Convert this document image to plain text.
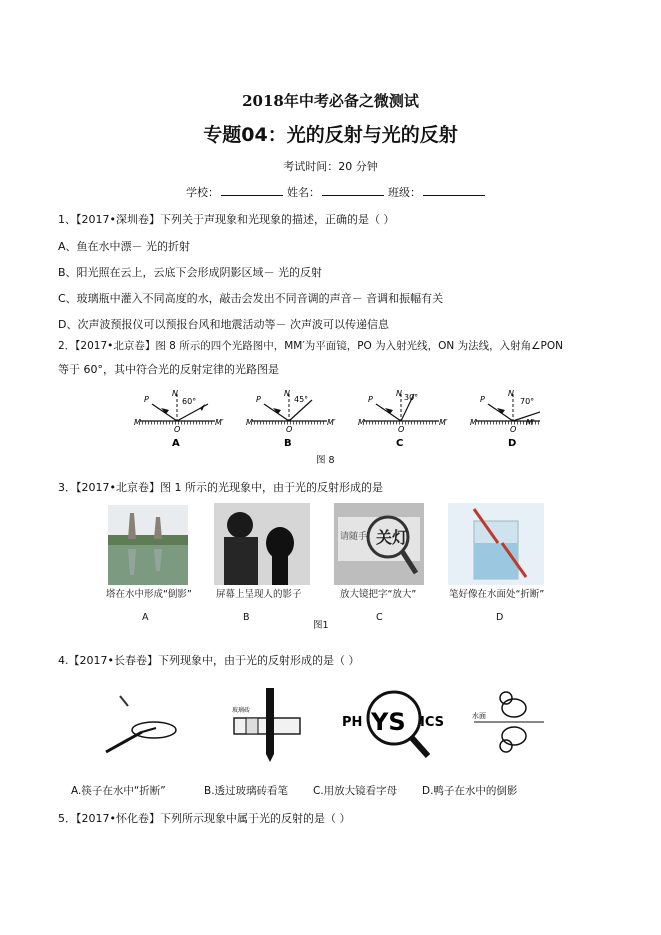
2018年中考必备之微测试
专题04：光的反射与光的反射
考试时间：20 分钟
学校：	姓名：	班级：
1、【2017•深圳卷】下列关于声现象和光现象的描述，正确的是（ ）
A、鱼在水中漂－ 光的折射
B、阳光照在云上，云底下会形成阴影区域－ 光的反射
C、玻璃瓶中灌入不同高度的水，敲击会发出不同音调的声音－ 音调和振幅有关
D、次声波预报仪可以预报台风和地震活动等－ 次声波可以传递信息
2．【2017•北京卷】图 8 所示的四个光路图中，MM′为平面镜，PO 为入射光线，ON 为法线，入射角∠PON
等于 60°，其中符合光的反射定律的光路图是
60°	45°	30°	70°
P
N
M	M′
O
P
N
M	M′
O
P
N
M	M′
O
P
N
M	M′
O
A	B	C	D
图 8
3．【2017•北京卷】图 1 所示的光现象中，由于光的反射形成的是
请随手 关灯
塔在水中形成“倒影”	屏幕上呈现人的影子	放大镜把字“放大”	笔好像在水面处“折断”
A	B
图1
C	D
4.【2017•长春卷】下列现象中，由于光的反射形成的是（ ）
玻璃砖
PH YS ICS	水面
A.筷子在水中“折断”	B.透过玻璃砖看笔 C.用放大镜看字母 D.鸭子在水中的倒影
5．【2017•怀化卷】下列所示现象中属于光的反射的是（ ）
